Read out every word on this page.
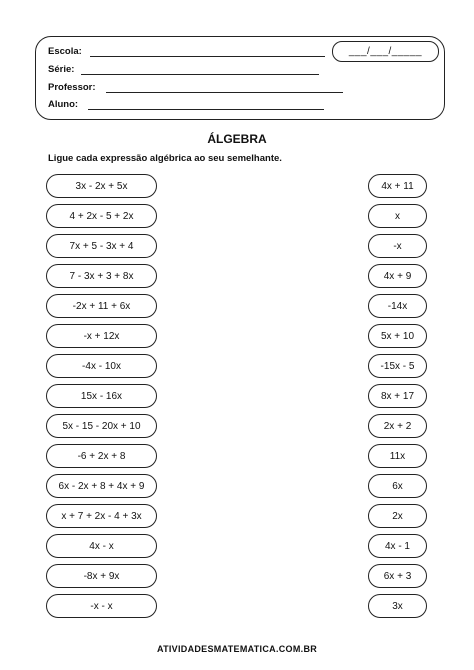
Escola:
Série:
Professor:
Aluno:
___/___/_____
ÁLGEBRA
Ligue cada expressão algébrica ao seu semelhante.
3x - 2x + 5x
4 + 2x - 5 + 2x
7x + 5 - 3x + 4
7 - 3x + 3 + 8x
-2x + 11 + 6x
-x + 12x
-4x - 10x
15x - 16x
5x - 15 - 20x + 10
-6 + 2x + 8
6x - 2x + 8 + 4x + 9
x + 7 + 2x - 4 + 3x
4x - x
-8x + 9x
-x - x
4x + 11
x
-x
4x + 9
-14x
5x + 10
-15x - 5
8x + 17
2x + 2
11x
6x
2x
4x - 1
6x + 3
3x
ATIVIDADESMATEMATICA.COM.BR
